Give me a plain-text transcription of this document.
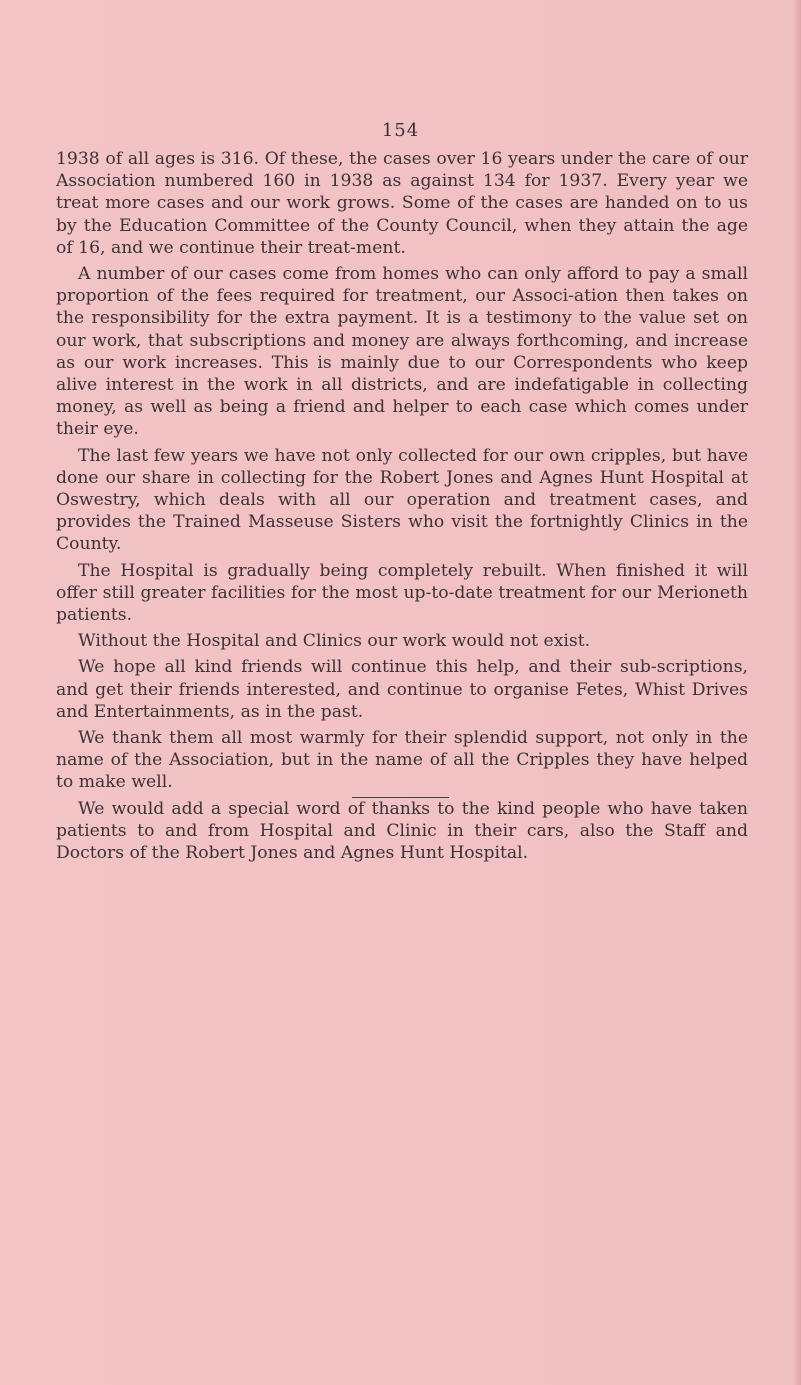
154

1938 of all ages is 316. Of these, the cases over 16 years under the care of our Association numbered 160 in 1938 as against 134 for 1937. Every year we treat more cases and our work grows. Some of the cases are handed on to us by the Education Committee of the County Council, when they attain the age of 16, and we continue their treat-ment.

A number of our cases come from homes who can only afford to pay a small proportion of the fees required for treatment, our Associ-ation then takes on the responsibility for the extra payment. It is a testimony to the value set on our work, that subscriptions and money are always forthcoming, and increase as our work increases. This is mainly due to our Correspondents who keep alive interest in the work in all districts, and are indefatigable in collecting money, as well as being a friend and helper to each case which comes under their eye.

The last few years we have not only collected for our own cripples, but have done our share in collecting for the Robert Jones and Agnes Hunt Hospital at Oswestry, which deals with all our operation and treatment cases, and provides the Trained Masseuse Sisters who visit the fortnightly Clinics in the County.

The Hospital is gradually being completely rebuilt. When finished it will offer still greater facilities for the most up-to-date treatment for our Merioneth patients.

Without the Hospital and Clinics our work would not exist.

We hope all kind friends will continue this help, and their sub-scriptions, and get their friends interested, and continue to organise Fetes, Whist Drives and Entertainments, as in the past.

We thank them all most warmly for their splendid support, not only in the name of the Association, but in the name of all the Cripples they have helped to make well.

We would add a special word of thanks to the kind people who have taken patients to and from Hospital and Clinic in their cars, also the Staff and Doctors of the Robert Jones and Agnes Hunt Hospital.
